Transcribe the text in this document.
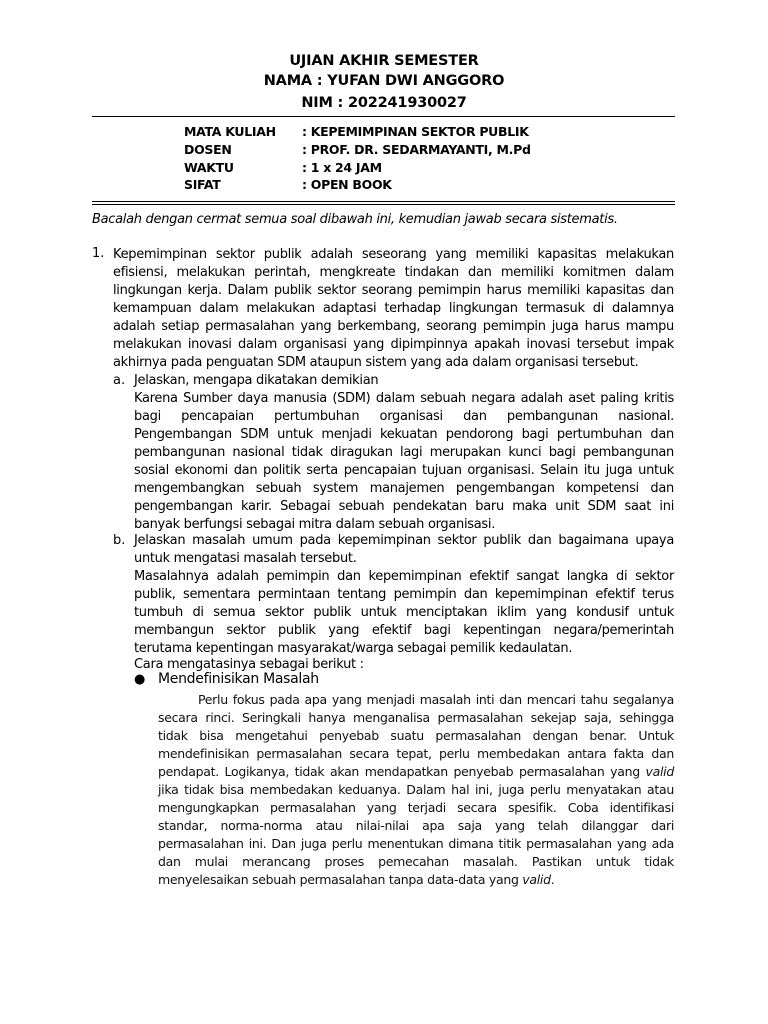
UJIAN AKHIR SEMESTER
NAMA : YUFAN DWI ANGGORO
NIM : 202241930027
MATA KULIAH : KEPEMIMPINAN SEKTOR PUBLIK
DOSEN	: PROF. DR. SEDARMAYANTI, M.Pd
WAKTU	: 1 x 24 JAM
SIFAT	: OPEN BOOK
Bacalah dengan cermat semua soal dibawah ini, kemudian jawab secara sistematis.
1. Kepemimpinan sektor publik adalah seseorang yang memiliki kapasitas melakukan efisiensi, melakukan perintah, mengkreate tindakan dan memiliki komitmen dalam lingkungan kerja. Dalam publik sektor seorang pemimpin harus memiliki kapasitas dan kemampuan dalam melakukan adaptasi terhadap lingkungan termasuk di dalamnya adalah setiap permasalahan yang berkembang, seorang pemimpin juga harus mampu melakukan inovasi dalam organisasi yang dipimpinnya apakah inovasi tersebut impak akhirnya pada penguatan SDM ataupun sistem yang ada dalam organisasi tersebut.
a. Jelaskan, mengapa dikatakan demikian
Karena Sumber daya manusia (SDM) dalam sebuah negara adalah aset paling kritis bagi pencapaian pertumbuhan organisasi dan pembangunan nasional. Pengembangan SDM untuk menjadi kekuatan pendorong bagi pertumbuhan dan pembangunan nasional tidak diragukan lagi merupakan kunci bagi pembangunan sosial ekonomi dan politik serta pencapaian tujuan organisasi. Selain itu juga untuk mengembangkan sebuah system manajemen pengembangan kompetensi dan pengembangan karir. Sebagai sebuah pendekatan baru maka unit SDM saat ini banyak berfungsi sebagai mitra dalam sebuah organisasi.
b. Jelaskan masalah umum pada kepemimpinan sektor publik dan bagaimana upaya untuk mengatasi masalah tersebut.
Masalahnya adalah pemimpin dan kepemimpinan efektif sangat langka di sektor publik, sementara permintaan tentang pemimpin dan kepemimpinan efektif terus tumbuh di semua sektor publik untuk menciptakan iklim yang kondusif untuk membangun sektor publik yang efektif bagi kepentingan negara/pemerintah terutama kepentingan masyarakat/warga sebagai pemilik kedaulatan.
Cara mengatasinya sebagai berikut :
● Mendefinisikan Masalah
Perlu fokus pada apa yang menjadi masalah inti dan mencari tahu segalanya secara rinci. Seringkali hanya menganalisa permasalahan sekejap saja, sehingga tidak bisa mengetahui penyebab suatu permasalahan dengan benar. Untuk mendefinisikan permasalahan secara tepat, perlu membedakan antara fakta dan pendapat. Logikanya, tidak akan mendapatkan penyebab permasalahan yang valid jika tidak bisa membedakan keduanya. Dalam hal ini, juga perlu menyatakan atau mengungkapkan permasalahan yang terjadi secara spesifik. Coba identifikasi standar, norma-norma atau nilai-nilai apa saja yang telah dilanggar dari permasalahan ini. Dan juga perlu menentukan dimana titik permasalahan yang ada dan mulai merancang proses pemecahan masalah. Pastikan untuk tidak menyelesaikan sebuah permasalahan tanpa data-data yang valid.
